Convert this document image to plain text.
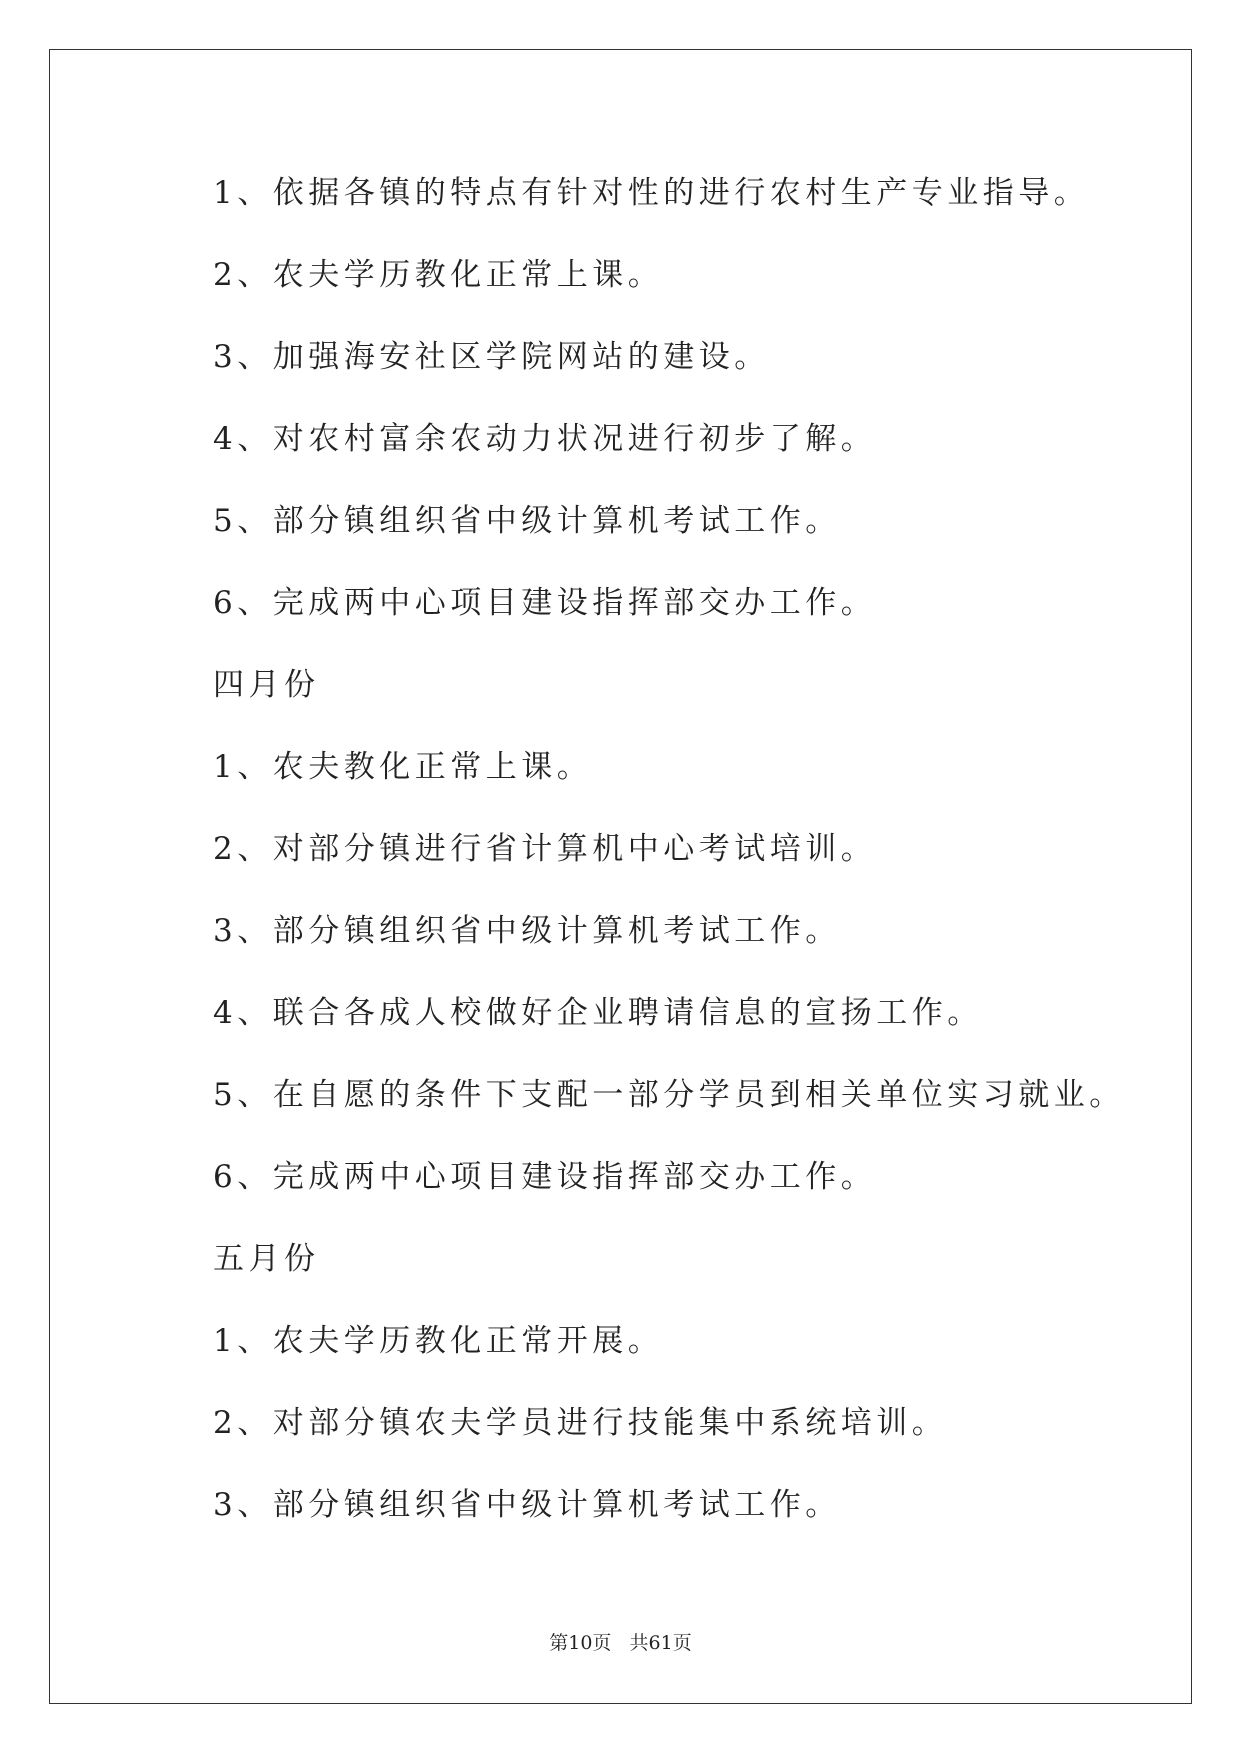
1、依据各镇的特点有针对性的进行农村生产专业指导。
2、农夫学历教化正常上课。
3、加强海安社区学院网站的建设。
4、对农村富余农动力状况进行初步了解。
5、部分镇组织省中级计算机考试工作。
6、完成两中心项目建设指挥部交办工作。
四月份
1、农夫教化正常上课。
2、对部分镇进行省计算机中心考试培训。
3、部分镇组织省中级计算机考试工作。
4、联合各成人校做好企业聘请信息的宣扬工作。
5、在自愿的条件下支配一部分学员到相关单位实习就业。
6、完成两中心项目建设指挥部交办工作。
五月份
1、农夫学历教化正常开展。
2、对部分镇农夫学员进行技能集中系统培训。
3、部分镇组织省中级计算机考试工作。
第10页   共61页
